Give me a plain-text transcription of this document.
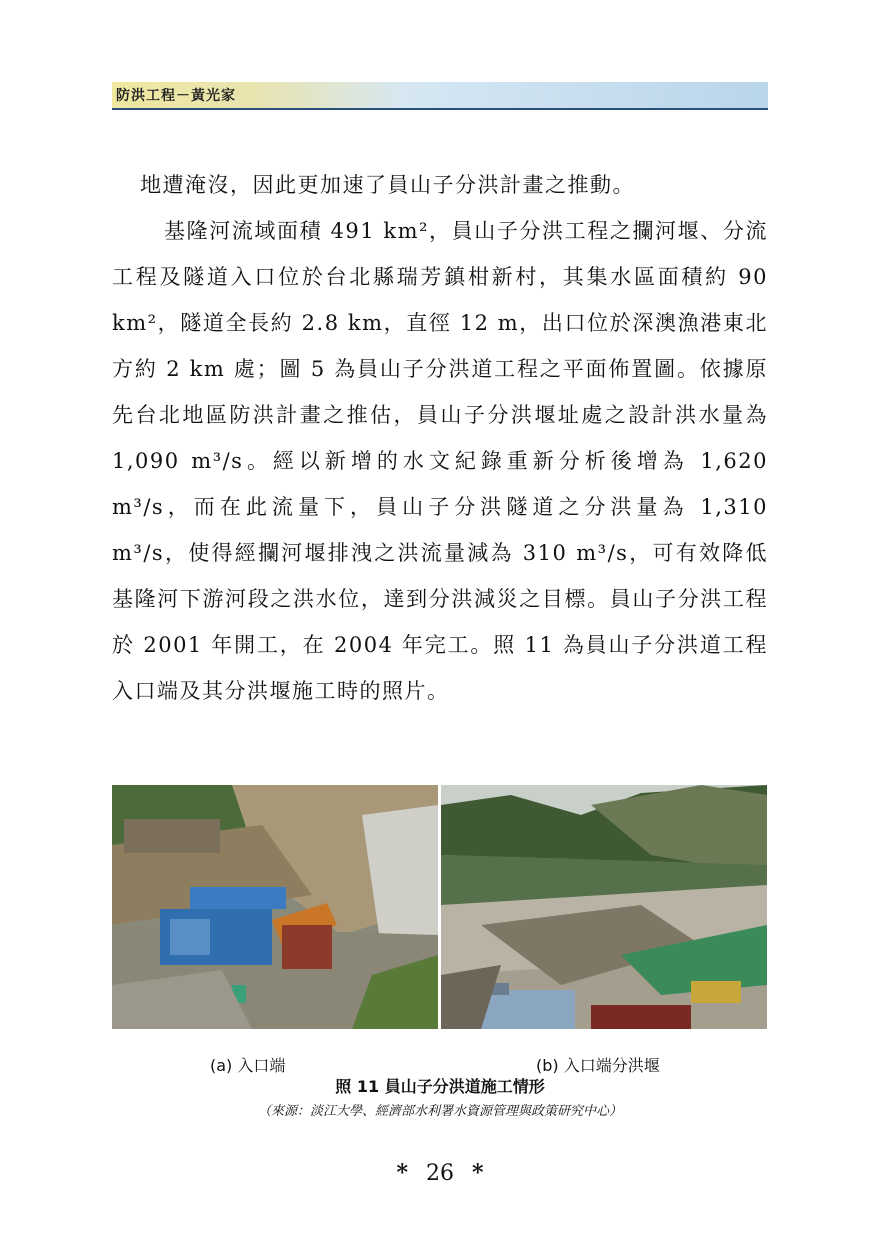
防洪工程－黃光家

地遭淹沒，因此更加速了員山子分洪計畫之推動。

基隆河流域面積 491 km²，員山子分洪工程之攔河堰、分流工程及隧道入口位於台北縣瑞芳鎮柑新村，其集水區面積約 90 km²，隧道全長約 2.8 km，直徑 12 m，出口位於深澳漁港東北方約 2 km 處；圖 5 為員山子分洪道工程之平面佈置圖。依據原先台北地區防洪計畫之推估，員山子分洪堰址處之設計洪水量為 1,090 m³/s。經以新增的水文紀錄重新分析後增為 1,620 m³/s，而在此流量下，員山子分洪隧道之分洪量為 1,310 m³/s，使得經攔河堰排洩之洪流量減為 310 m³/s，可有效降低基隆河下游河段之洪水位，達到分洪減災之目標。員山子分洪工程於 2001 年開工，在 2004 年完工。照 11 為員山子分洪道工程入口端及其分洪堰施工時的照片。

(a) 入口端	(b) 入口端分洪堰
照 11 員山子分洪道施工情形
（來源：淡江大學、經濟部水利署水資源管理與政策研究中心）
* 26 *
